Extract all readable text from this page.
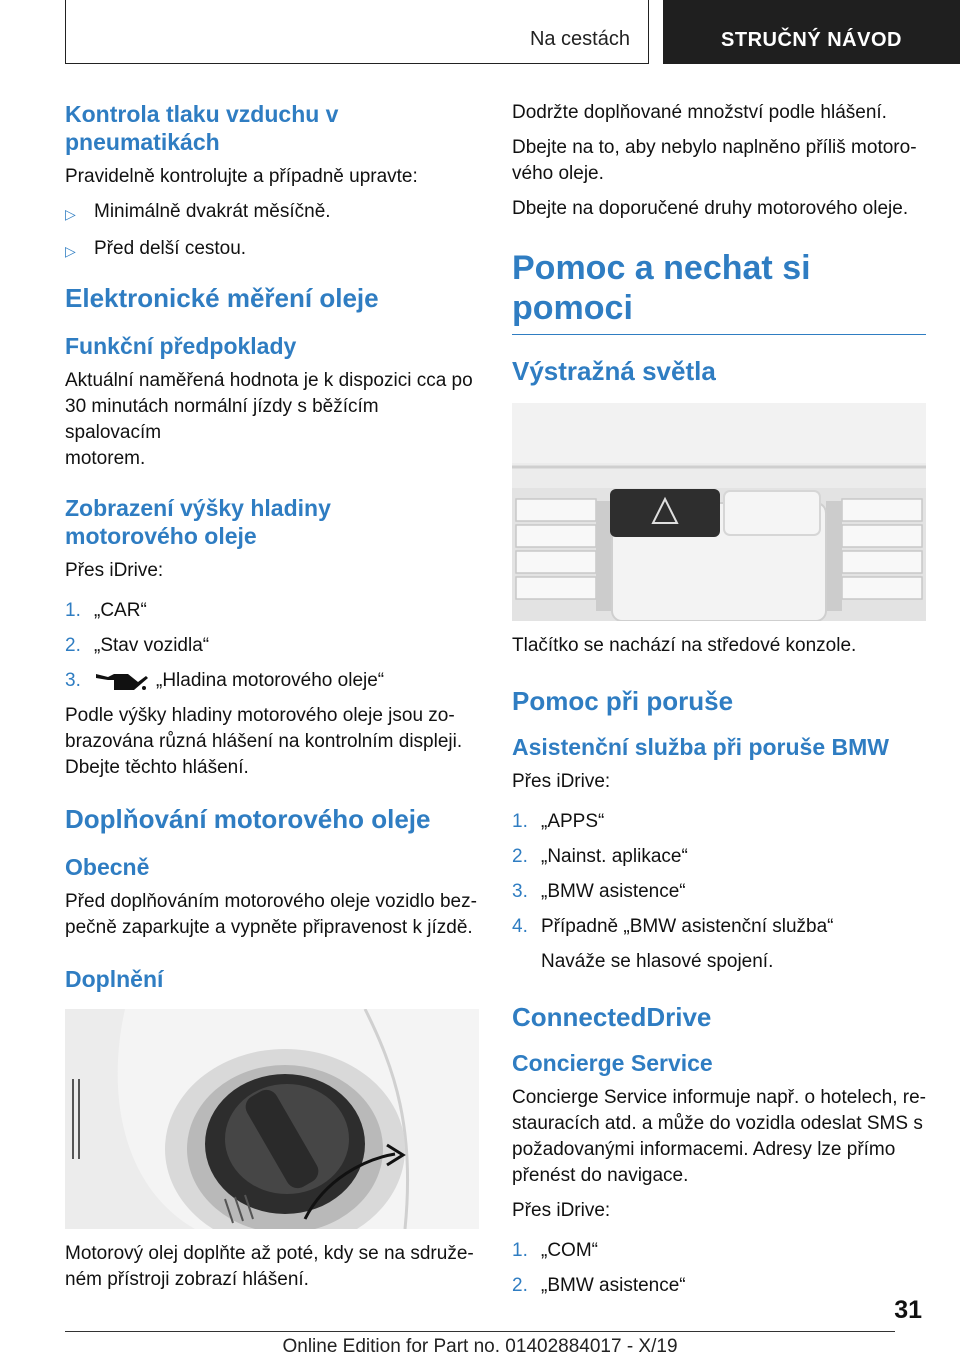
Na cestách	STRUČNÝ NÁVOD
Kontrola tlaku vzduchu v
pneumatikách

Pravidelně kontrolujte a případně upravte:

▷ Minimálně dvakrát měsíčně.
▷ Před delší cestou.
Elektronické měření oleje
Funkční předpoklady

Aktuální naměřená hodnota je k dispozici cca po
30 minutách normální jízdy s běžícím spalovacím
motorem.

Zobrazení výšky hladiny
motorového oleje

Přes iDrive:

1. „CAR“
2. „Stav vozidla“
3.	„Hladina motorového oleje“

Podle výšky hladiny motorového oleje jsou zo-
brazována různá hlášení na kontrolním displeji.
Dbejte těchto hlášení.

Doplňování motorového oleje
Obecně

Před doplňováním motorového oleje vozidlo bez-
pečně zaparkujte a vypněte připravenost k jízdě.

Doplnění

Motorový olej doplňte až poté, kdy se na sdruže-
ném přístroji zobrazí hlášení.

Dodržte doplňované množství podle hlášení.

Dbejte na to, aby nebylo naplněno příliš motoro-
vého oleje.

Dbejte na doporučené druhy motorového oleje.

Pomoc a nechat si pomoci
Výstražná světla

Tlačítko se nachází na středové konzole.

Pomoc při poruše
Asistenční služba při poruše BMW

Přes iDrive:

1. „APPS“
2. „Nainst. aplikace“
3. „BMW asistence“
4. Případně „BMW asistenční služba“

Naváže se hlasové spojení.

ConnectedDrive
Concierge Service

Concierge Service informuje např. o hotelech, re-
stauracích atd. a může do vozidla odeslat SMS s
požadovanými informacemi. Adresy lze přímo
přenést do navigace.

Přes iDrive:

1. „COM“
2. „BMW asistence“
31
Online Edition for Part no. 01402884017 - X/19
